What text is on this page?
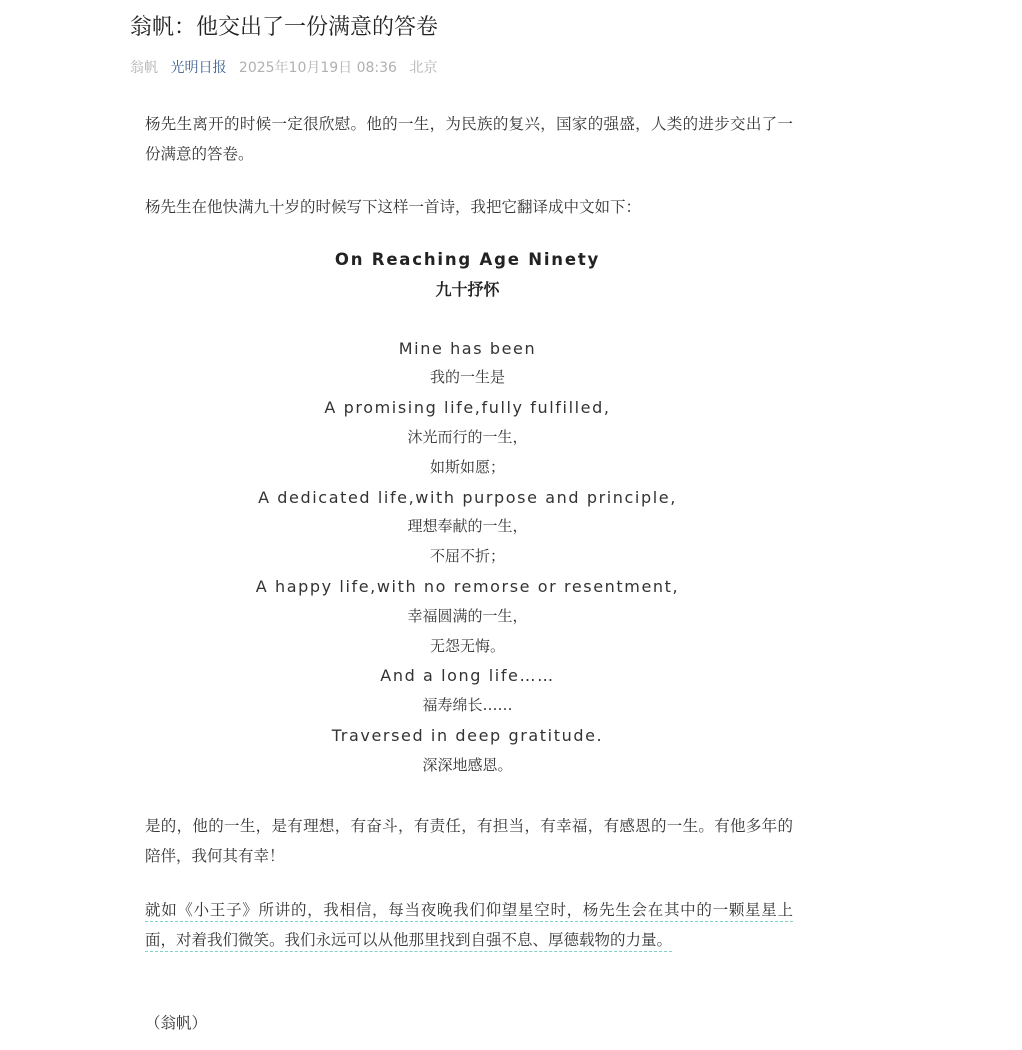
翁帆：他交出了一份满意的答卷
翁帆 光明日报 2025年10月19日 08:36 北京

杨先生离开的时候一定很欣慰。他的一生，为民族的复兴，国家的强盛，人类的进步交出了一份满意的答卷。

杨先生在他快满九十岁的时候写下这样一首诗，我把它翻译成中文如下：

On Reaching Age Ninety
九十抒怀
Mine has been
我的一生是
A promising life,fully fulfilled,
沐光而行的一生，
如斯如愿；
A dedicated life,with purpose and principle,
理想奉献的一生，
不屈不折；
A happy life,with no remorse or resentment,
幸福圆满的一生，
无怨无悔。
And a long life……
福寿绵长……
Traversed in deep gratitude.
深深地感恩。

是的，他的一生，是有理想，有奋斗，有责任，有担当，有幸福，有感恩的一生。有他多年的陪伴，我何其有幸！

就如《小王子》所讲的，我相信，每当夜晚我们仰望星空时，杨先生会在其中的一颗星星上面，对着我们微笑。我们永远可以从他那里找到自强不息、厚德载物的力量。

（翁帆）
